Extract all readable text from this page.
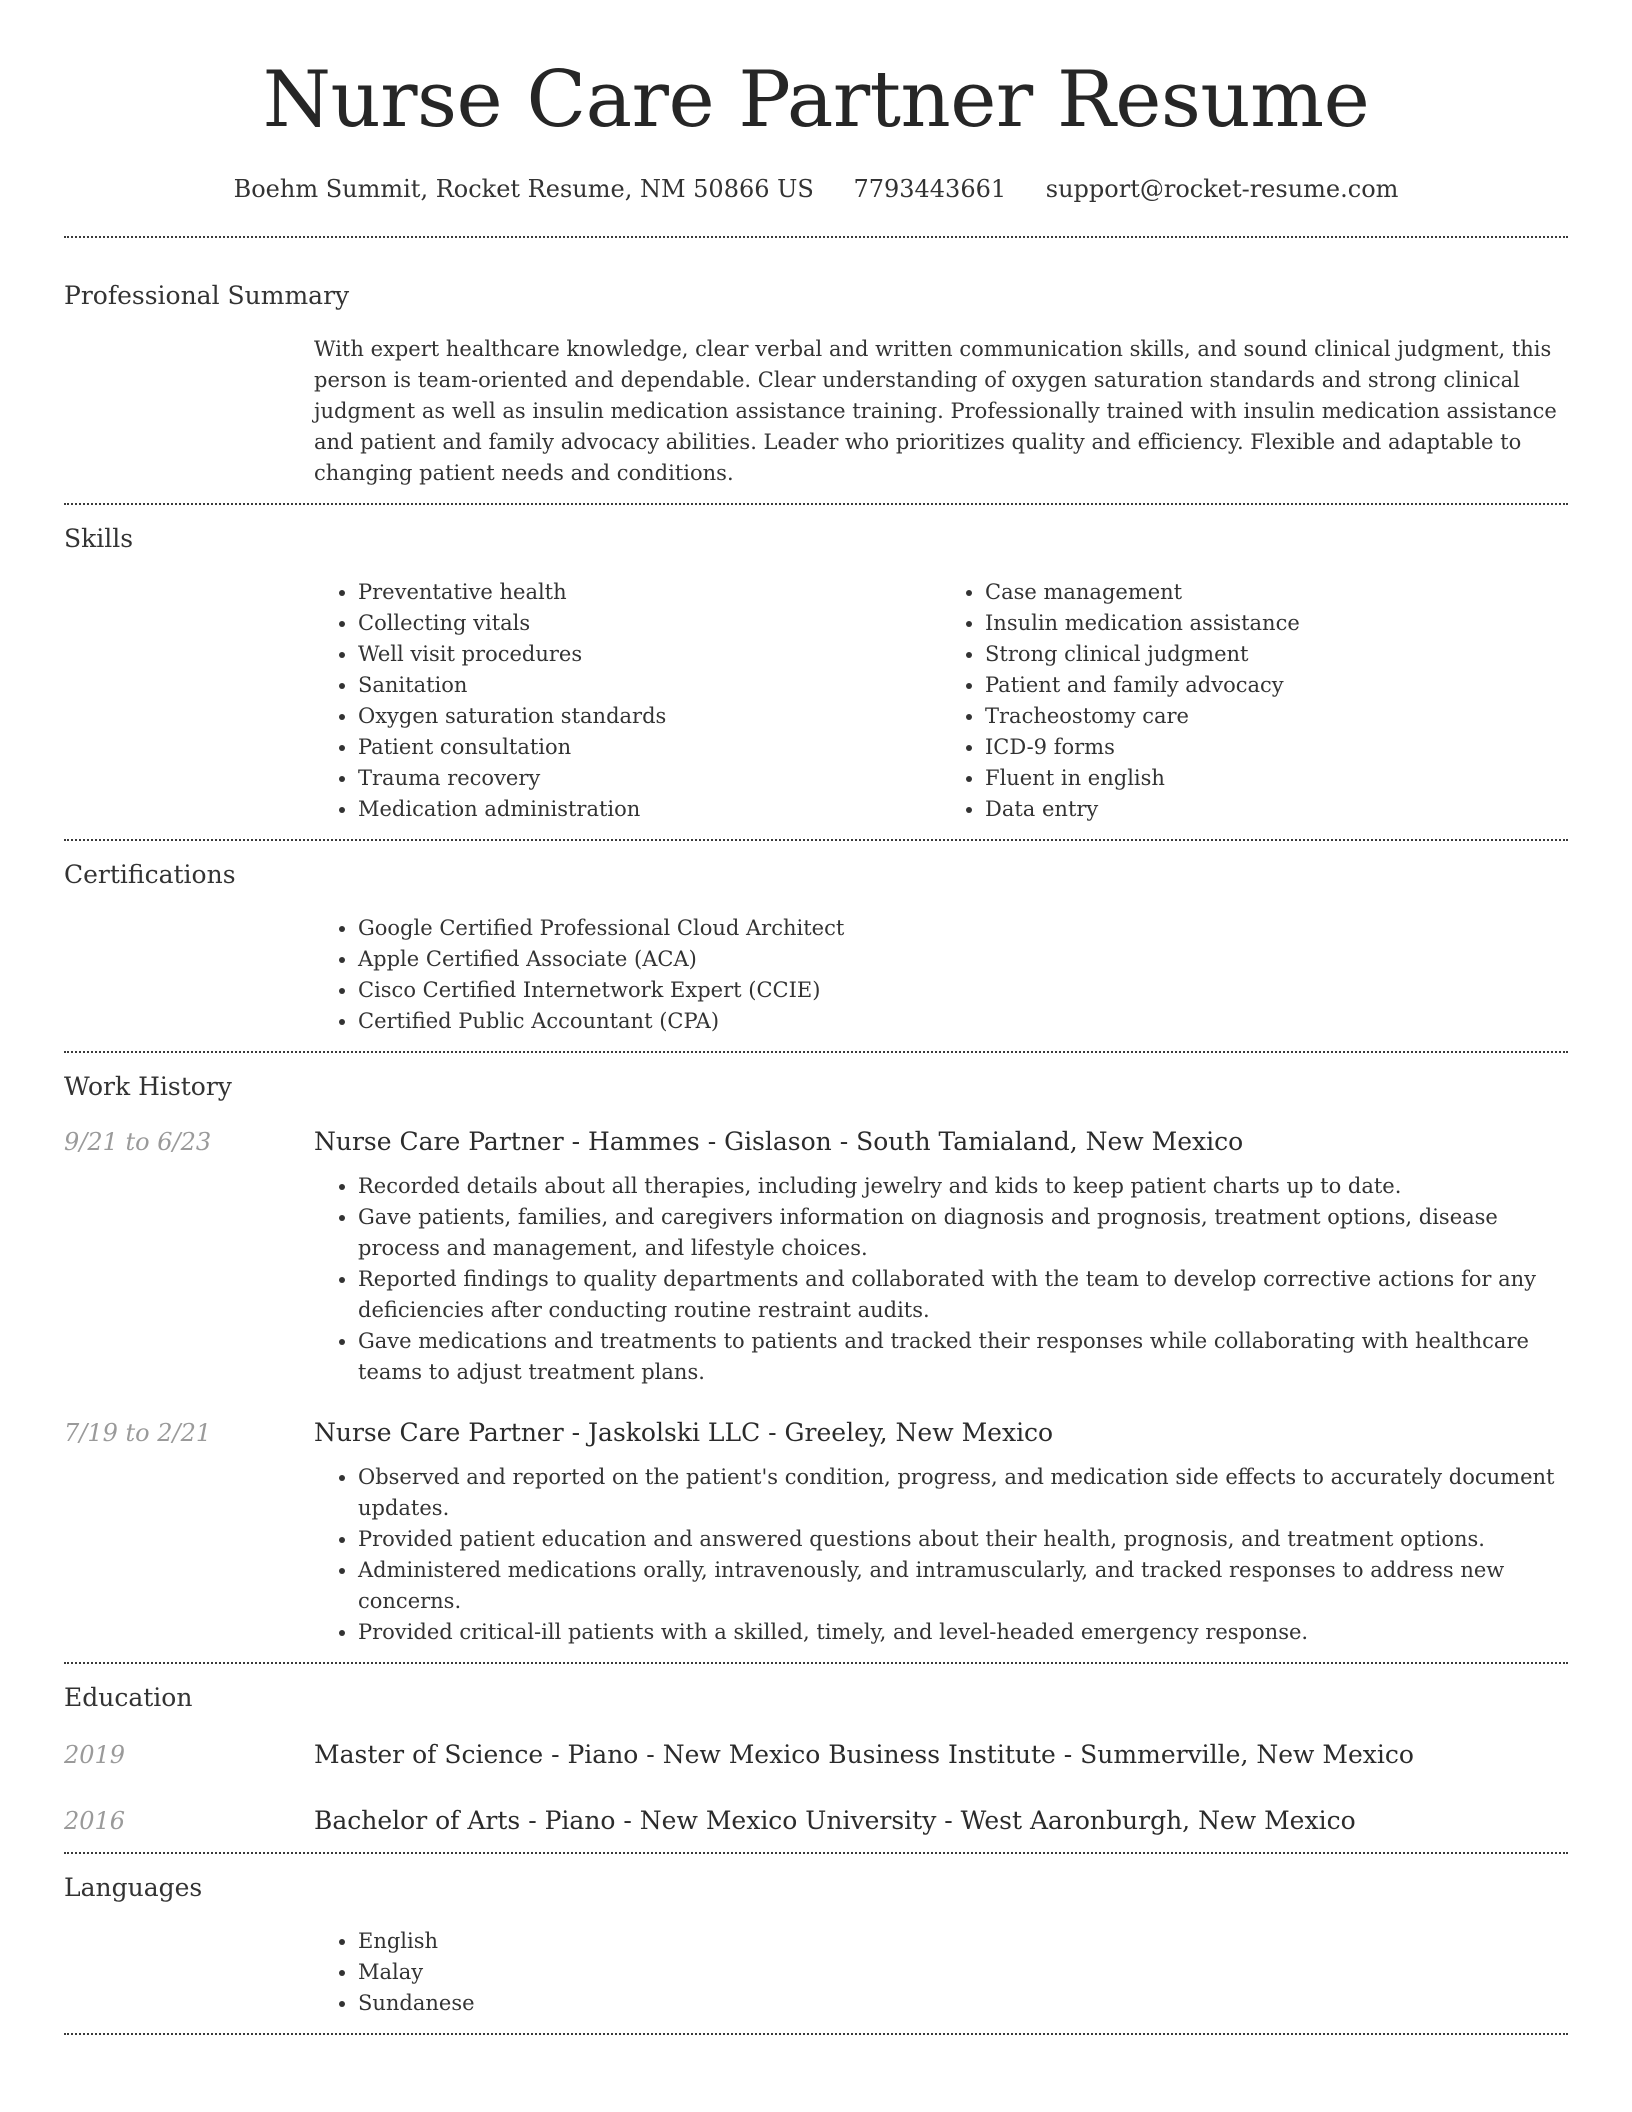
Nurse Care Partner Resume
Boehm Summit, Rocket Resume, NM 50866 US 7793443661 support@rocket-resume.com
Professional Summary
With expert healthcare knowledge, clear verbal and written communication skills, and sound clinical judgment, this person is team-oriented and dependable. Clear understanding of oxygen saturation standards and strong clinical judgment as well as insulin medication assistance training. Professionally trained with insulin medication assistance and patient and family advocacy abilities. Leader who prioritizes quality and efficiency. Flexible and adaptable to changing patient needs and conditions.
Skills
• Preventative health
• Collecting vitals
• Well visit procedures
• Sanitation
• Oxygen saturation standards
• Patient consultation
• Trauma recovery
• Medication administration
• Case management
• Insulin medication assistance
• Strong clinical judgment
• Patient and family advocacy
• Tracheostomy care
• ICD-9 forms
• Fluent in english
• Data entry
Certifications
• Google Certified Professional Cloud Architect
• Apple Certified Associate (ACA)
• Cisco Certified Internetwork Expert (CCIE)
• Certified Public Accountant (CPA)
Work History
9/21 to 6/23	Nurse Care Partner - Hammes - Gislason - South Tamialand, New Mexico
• Recorded details about all therapies, including jewelry and kids to keep patient charts up to date.
• Gave patients, families, and caregivers information on diagnosis and prognosis, treatment options, disease process and management, and lifestyle choices.
• Reported findings to quality departments and collaborated with the team to develop corrective actions for any deficiencies after conducting routine restraint audits.
• Gave medications and treatments to patients and tracked their responses while collaborating with healthcare teams to adjust treatment plans.
7/19 to 2/21	Nurse Care Partner - Jaskolski LLC - Greeley, New Mexico
• Observed and reported on the patient's condition, progress, and medication side effects to accurately document updates.
• Provided patient education and answered questions about their health, prognosis, and treatment options.
• Administered medications orally, intravenously, and intramuscularly, and tracked responses to address new concerns.
• Provided critical-ill patients with a skilled, timely, and level-headed emergency response.
Education
2019	Master of Science - Piano - New Mexico Business Institute - Summerville, New Mexico
2016	Bachelor of Arts - Piano - New Mexico University - West Aaronburgh, New Mexico
Languages
• English
• Malay
• Sundanese
